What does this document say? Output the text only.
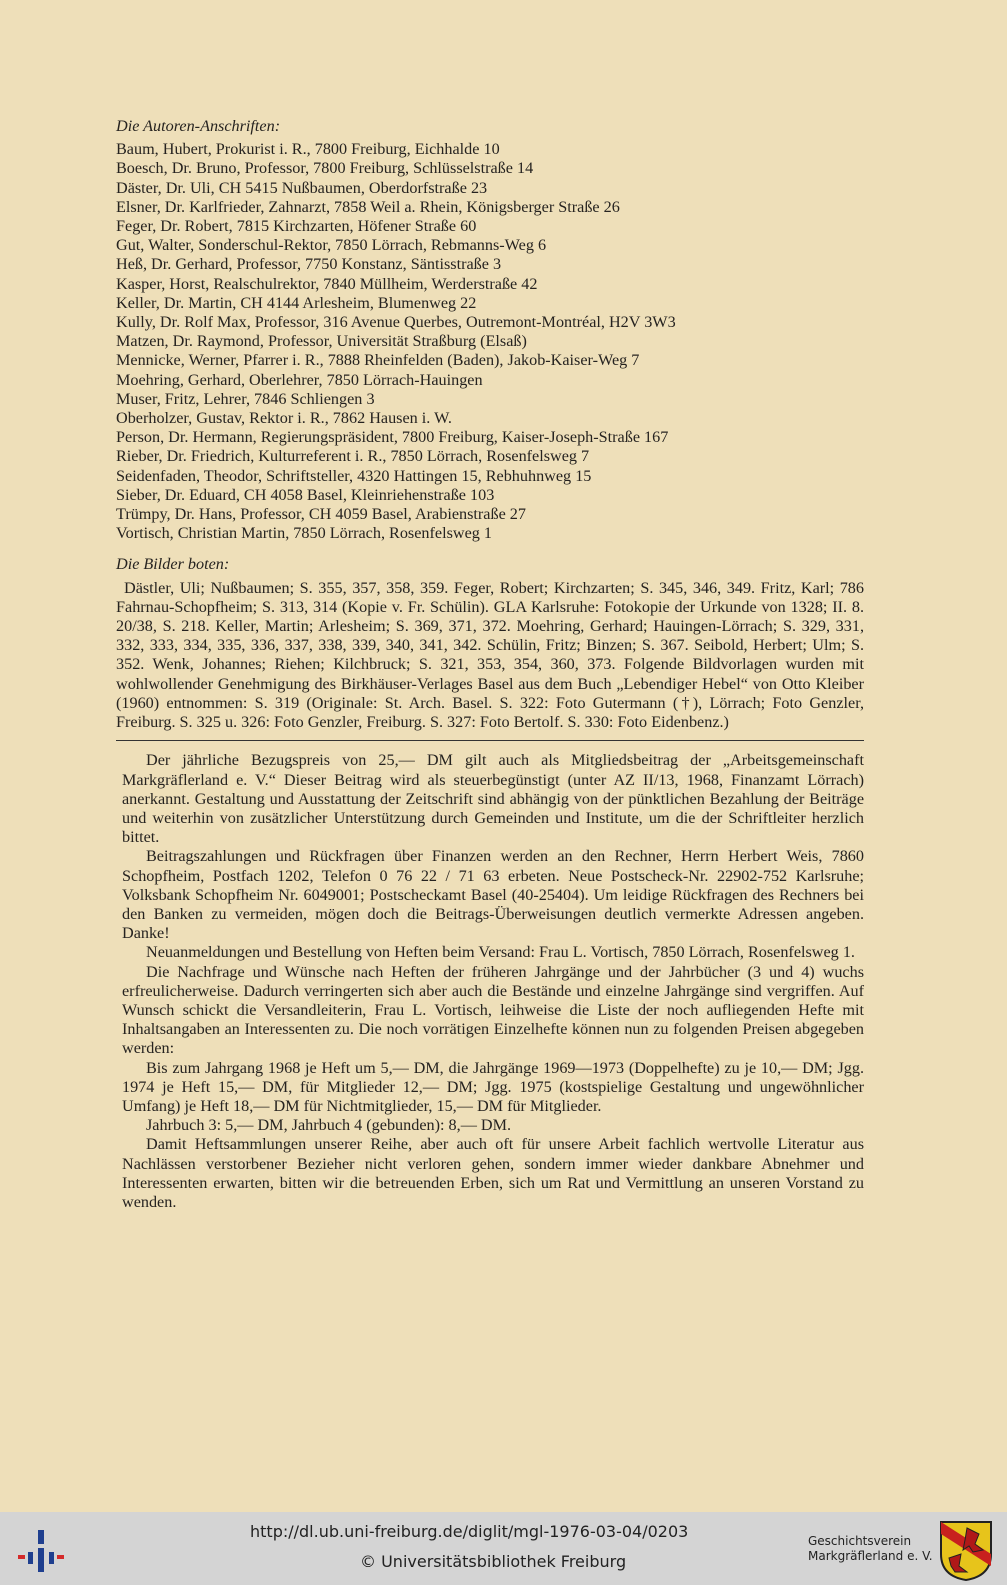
Die Autoren-Anschriften:
Baum, Hubert, Prokurist i. R., 7800 Freiburg, Eichhalde 10
Boesch, Dr. Bruno, Professor, 7800 Freiburg, Schlüsselstraße 14
Däster, Dr. Uli, CH 5415 Nußbaumen, Oberdorfstraße 23
Elsner, Dr. Karlfrieder, Zahnarzt, 7858 Weil a. Rhein, Königsberger Straße 26
Feger, Dr. Robert, 7815 Kirchzarten, Höfener Straße 60
Gut, Walter, Sonderschul-Rektor, 7850 Lörrach, Rebmanns-Weg 6
Heß, Dr. Gerhard, Professor, 7750 Konstanz, Säntisstraße 3
Kasper, Horst, Realschulrektor, 7840 Müllheim, Werderstraße 42
Keller, Dr. Martin, CH 4144 Arlesheim, Blumenweg 22
Kully, Dr. Rolf Max, Professor, 316 Avenue Querbes, Outremont-Montréal, H2V 3W3
Matzen, Dr. Raymond, Professor, Universität Straßburg (Elsaß)
Mennicke, Werner, Pfarrer i. R., 7888 Rheinfelden (Baden), Jakob-Kaiser-Weg 7
Moehring, Gerhard, Oberlehrer, 7850 Lörrach-Hauingen
Muser, Fritz, Lehrer, 7846 Schliengen 3
Oberholzer, Gustav, Rektor i. R., 7862 Hausen i. W.
Person, Dr. Hermann, Regierungspräsident, 7800 Freiburg, Kaiser-Joseph-Straße 167
Rieber, Dr. Friedrich, Kulturreferent i. R., 7850 Lörrach, Rosenfelsweg 7
Seidenfaden, Theodor, Schriftsteller, 4320 Hattingen 15, Rebhuhnweg 15
Sieber, Dr. Eduard, CH 4058 Basel, Kleinriehenstraße 103
Trümpy, Dr. Hans, Professor, CH 4059 Basel, Arabienstraße 27
Vortisch, Christian Martin, 7850 Lörrach, Rosenfelsweg 1
Die Bilder boten:
Dästler, Uli; Nußbaumen; S. 355, 357, 358, 359. Feger, Robert; Kirchzarten; S. 345, 346, 349. Fritz, Karl; 786 Fahrnau-Schopfheim; S. 313, 314 (Kopie v. Fr. Schülin). GLA Karlsruhe: Fotokopie der Urkunde von 1328; II. 8. 20/38, S. 218. Keller, Martin; Arlesheim; S. 369, 371, 372. Moehring, Gerhard; Hauingen-Lörrach; S. 329, 331, 332, 333, 334, 335, 336, 337, 338, 339, 340, 341, 342. Schülin, Fritz; Binzen; S. 367. Seibold, Herbert; Ulm; S. 352. Wenk, Johannes; Riehen; Kilchbruck; S. 321, 353, 354, 360, 373. Folgende Bildvorlagen wurden mit wohlwollender Genehmigung des Birkhäuser-Verlages Basel aus dem Buch „Lebendiger Hebel“ von Otto Kleiber (1960) entnommen: S. 319 (Originale: St. Arch. Basel. S. 322: Foto Gutermann (†), Lörrach; Foto Genzler, Freiburg. S. 325 u. 326: Foto Genzler, Freiburg. S. 327: Foto Bertolf. S. 330: Foto Eidenbenz.)

Der jährliche Bezugspreis von 25,— DM gilt auch als Mitgliedsbeitrag der „Arbeitsgemeinschaft Markgräflerland e. V.“ Dieser Beitrag wird als steuerbegünstigt (unter AZ II/13, 1968, Finanzamt Lörrach) anerkannt. Gestaltung und Ausstattung der Zeitschrift sind abhängig von der pünktlichen Bezahlung der Beiträge und weiterhin von zusätzlicher Unterstützung durch Gemeinden und Institute, um die der Schriftleiter herzlich bittet.

Beitragszahlungen und Rückfragen über Finanzen werden an den Rechner, Herrn Herbert Weis, 7860 Schopfheim, Postfach 1202, Telefon 0 76 22 / 71 63 erbeten. Neue Postscheck-Nr. 22902-752 Karlsruhe; Volksbank Schopfheim Nr. 6049001; Postscheckamt Basel (40-25404). Um leidige Rückfragen des Rechners bei den Banken zu vermeiden, mögen doch die Beitrags-Überweisungen deutlich vermerkte Adressen angeben. Danke!

Neuanmeldungen und Bestellung von Heften beim Versand: Frau L. Vortisch, 7850 Lörrach, Rosenfelsweg 1.

Die Nachfrage und Wünsche nach Heften der früheren Jahrgänge und der Jahrbücher (3 und 4) wuchs erfreulicherweise. Dadurch verringerten sich aber auch die Bestände und einzelne Jahrgänge sind vergriffen. Auf Wunsch schickt die Versandleiterin, Frau L. Vortisch, leihweise die Liste der noch aufliegenden Hefte mit Inhaltsangaben an Interessenten zu. Die noch vorrätigen Einzelhefte können nun zu folgenden Preisen abgegeben werden:

Bis zum Jahrgang 1968 je Heft um 5,— DM, die Jahrgänge 1969—1973 (Doppelhefte) zu je 10,— DM; Jgg. 1974 je Heft 15,— DM, für Mitglieder 12,— DM; Jgg. 1975 (kostspielige Gestaltung und ungewöhnlicher Umfang) je Heft 18,— DM für Nichtmitglieder, 15,— DM für Mitglieder.

Jahrbuch 3: 5,— DM, Jahrbuch 4 (gebunden): 8,— DM.

Damit Heftsammlungen unserer Reihe, aber auch oft für unsere Arbeit fachlich wertvolle Literatur aus Nachlässen verstorbener Bezieher nicht verloren gehen, sondern immer wieder dankbare Abnehmer und Interessenten erwarten, bitten wir die betreuenden Erben, sich um Rat und Vermittlung an unseren Vorstand zu wenden.

http://dl.ub.uni-freiburg.de/diglit/mgl-1976-03-04/0203
© Universitätsbibliothek Freiburg
Geschichtsverein
Markgräflerland e. V.
